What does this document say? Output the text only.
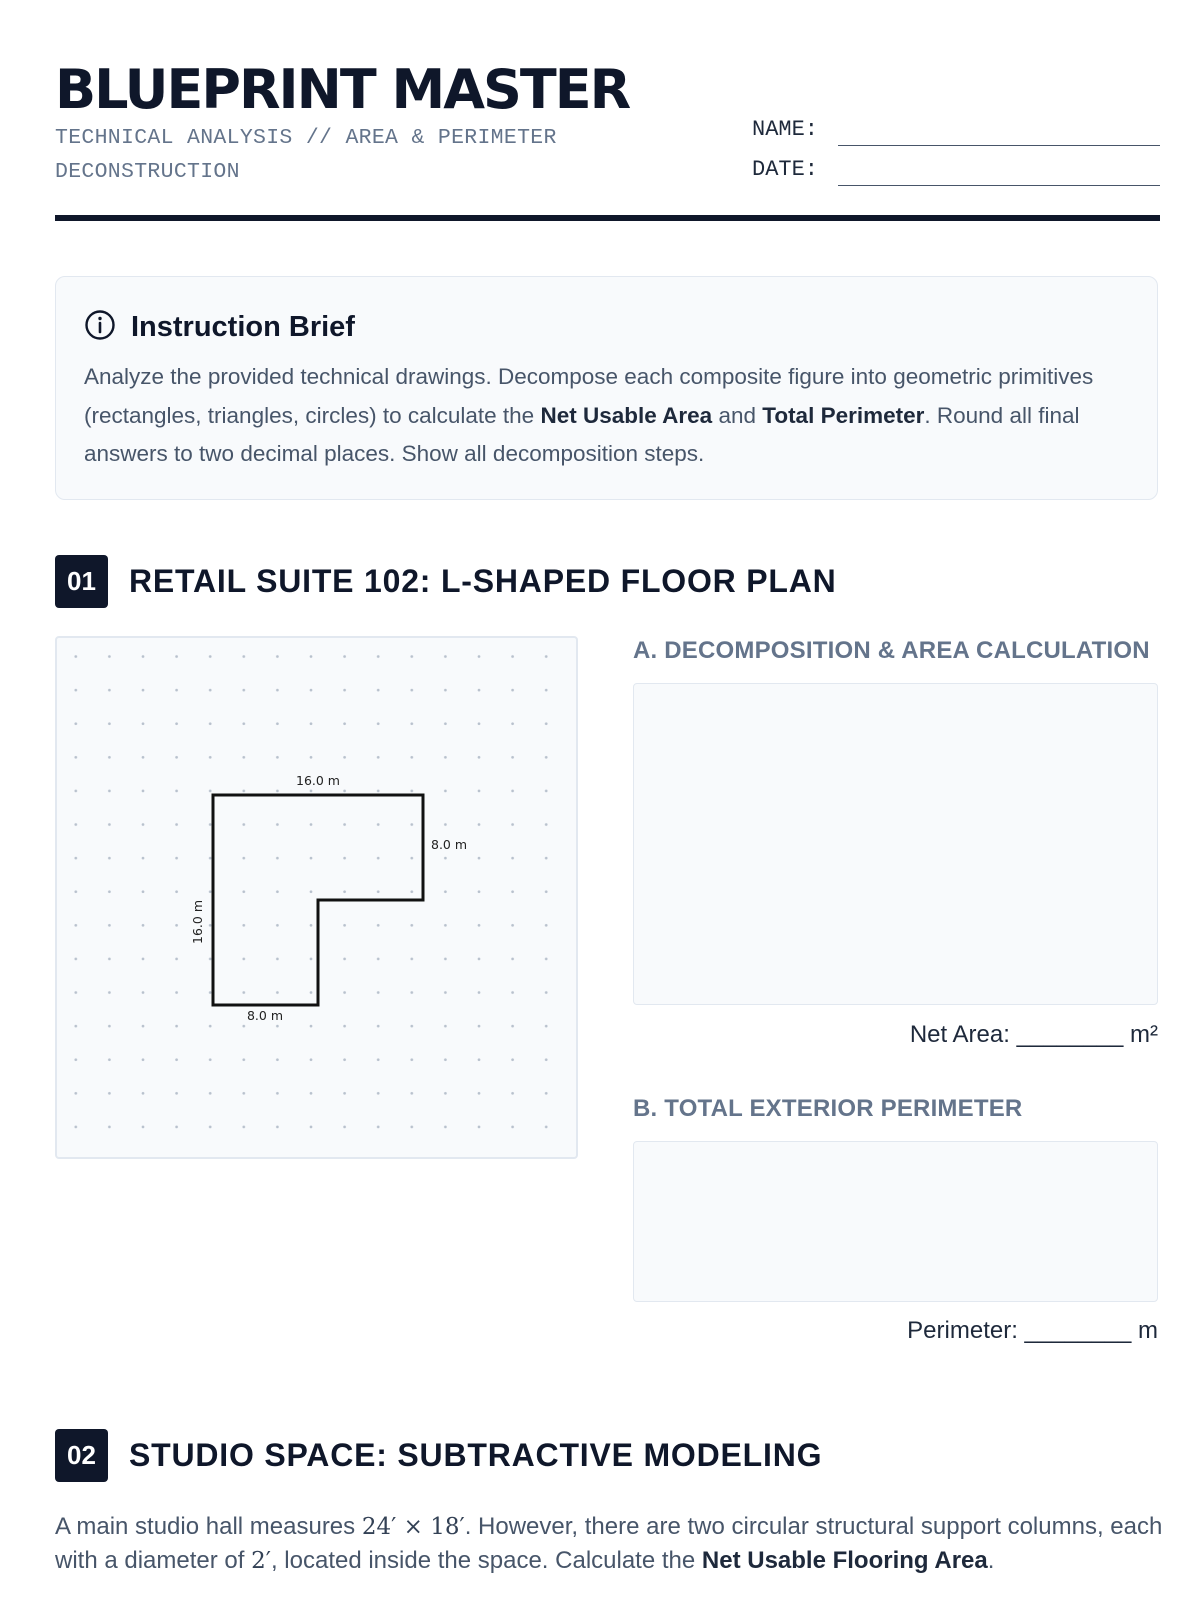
BLUEPRINT MASTER
TECHNICAL ANALYSIS // AREA & PERIMETER
DECONSTRUCTION
NAME:
DATE:
Instruction Brief
Analyze the provided technical drawings. Decompose each composite figure into geometric primitives (rectangles, triangles, circles) to calculate the Net Usable Area and Total Perimeter. Round all final answers to two decimal places. Show all decomposition steps.
01	RETAIL SUITE 102: L-SHAPED FLOOR PLAN
16.0 m
8.0 m
16.0 m
8.0 m
A. DECOMPOSITION & AREA CALCULATION
Net Area: ________ m²
B. TOTAL EXTERIOR PERIMETER
Perimeter: ________ m
02	STUDIO SPACE: SUBTRACTIVE MODELING
A main studio hall measures 24′ × 18′. However, there are two circular structural support columns, each with a diameter of 2′, located inside the space. Calculate the Net Usable Flooring Area.
